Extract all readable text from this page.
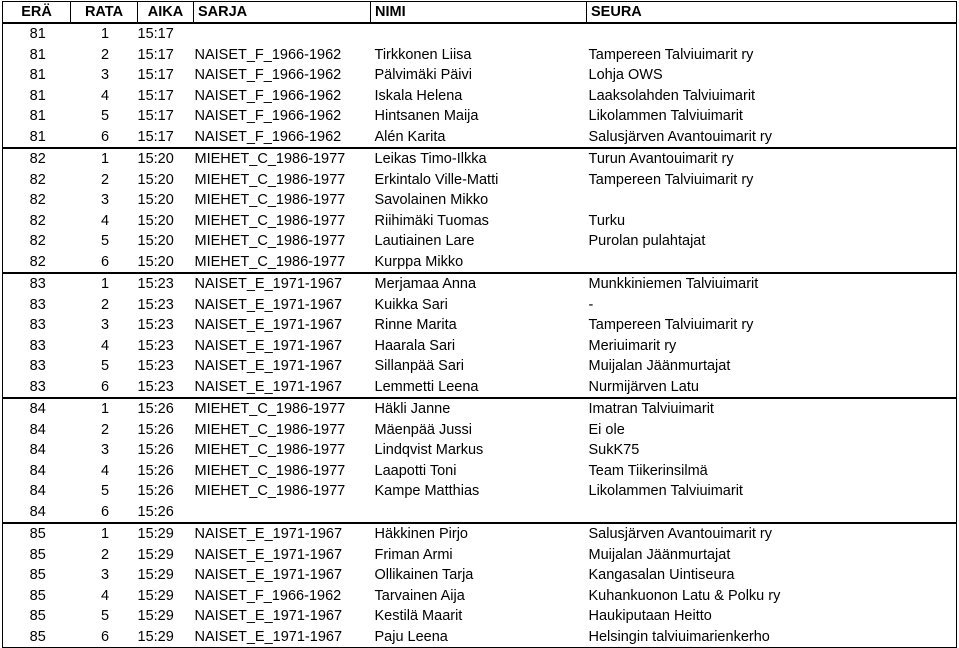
ERÄ	RATA	AIKA	SARJA	NIMI	SEURA
81	1	15:17			
81	2	15:17	NAISET_F_1966-1962	Tirkkonen Liisa	Tampereen Talviuimarit ry
81	3	15:17	NAISET_F_1966-1962	Pälvimäki Päivi	Lohja OWS
81	4	15:17	NAISET_F_1966-1962	Iskala Helena	Laaksolahden Talviuimarit
81	5	15:17	NAISET_F_1966-1962	Hintsanen Maija	Likolammen Talviuimarit
81	6	15:17	NAISET_F_1966-1962	Alén Karita	Salusjärven Avantouimarit ry
82	1	15:20	MIEHET_C_1986-1977	Leikas Timo-Ilkka	Turun Avantouimarit ry
82	2	15:20	MIEHET_C_1986-1977	Erkintalo Ville-Matti	Tampereen Talviuimarit ry
82	3	15:20	MIEHET_C_1986-1977	Savolainen Mikko	
82	4	15:20	MIEHET_C_1986-1977	Riihimäki Tuomas	Turku
82	5	15:20	MIEHET_C_1986-1977	Lautiainen Lare	Purolan pulahtajat
82	6	15:20	MIEHET_C_1986-1977	Kurppa Mikko	
83	1	15:23	NAISET_E_1971-1967	Merjamaa Anna	Munkkiniemen Talviuimarit
83	2	15:23	NAISET_E_1971-1967	Kuikka Sari	-
83	3	15:23	NAISET_E_1971-1967	Rinne Marita	Tampereen Talviuimarit ry
83	4	15:23	NAISET_E_1971-1967	Haarala Sari	Meriuimarit ry
83	5	15:23	NAISET_E_1971-1967	Sillanpää Sari	Muijalan Jäänmurtajat
83	6	15:23	NAISET_E_1971-1967	Lemmetti Leena	Nurmijärven Latu
84	1	15:26	MIEHET_C_1986-1977	Häkli Janne	Imatran Talviuimarit
84	2	15:26	MIEHET_C_1986-1977	Mäenpää Jussi	Ei ole
84	3	15:26	MIEHET_C_1986-1977	Lindqvist Markus	SukK75
84	4	15:26	MIEHET_C_1986-1977	Laapotti Toni	Team Tiikerinsilmä
84	5	15:26	MIEHET_C_1986-1977	Kampe Matthias	Likolammen Talviuimarit
84	6	15:26			
85	1	15:29	NAISET_E_1971-1967	Häkkinen Pirjo	Salusjärven Avantouimarit ry
85	2	15:29	NAISET_E_1971-1967	Friman Armi	Muijalan Jäänmurtajat
85	3	15:29	NAISET_E_1971-1967	Ollikainen Tarja	Kangasalan Uintiseura
85	4	15:29	NAISET_F_1966-1962	Tarvainen Aija	Kuhankuonon Latu & Polku ry
85	5	15:29	NAISET_E_1971-1967	Kestilä Maarit	Haukiputaan Heitto
85	6	15:29	NAISET_E_1971-1967	Paju Leena	Helsingin talviuimarienkerho
